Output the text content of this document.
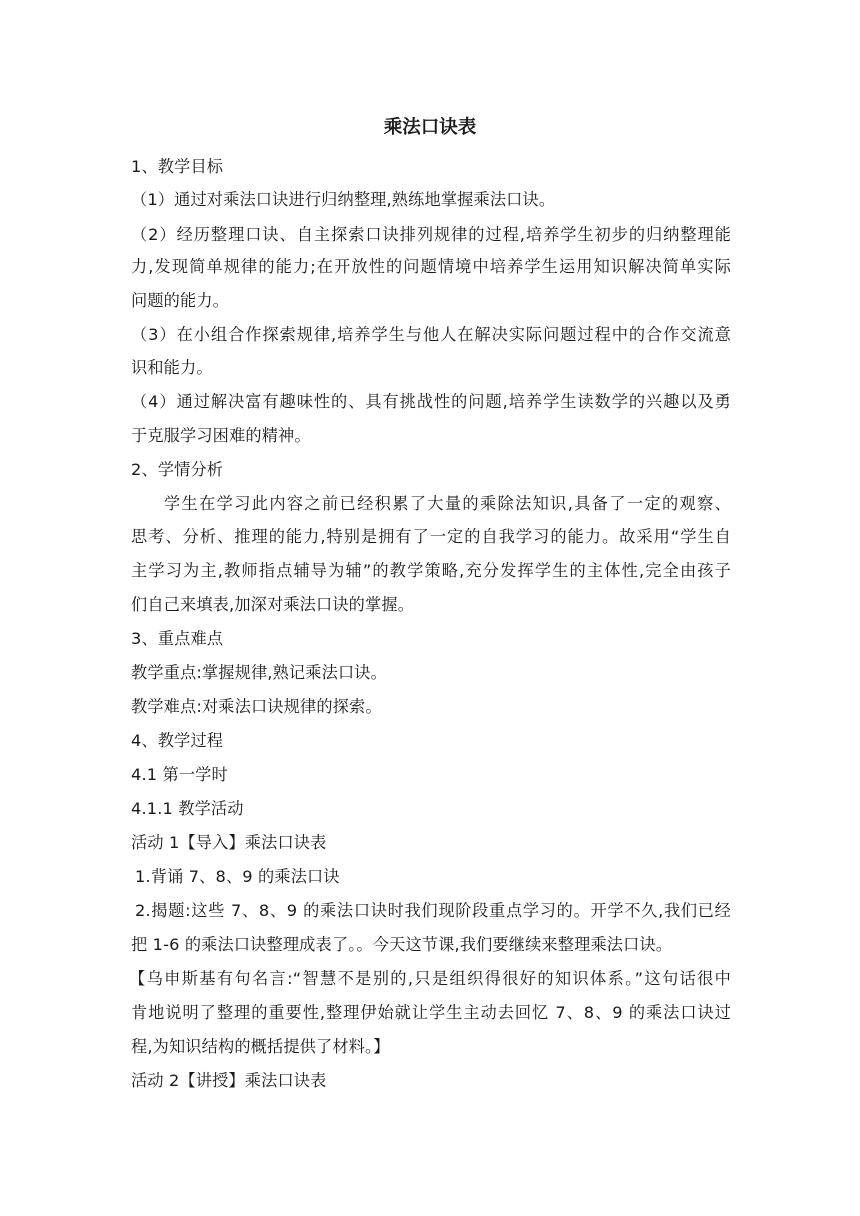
乘法口诀表
1、教学目标
（1）通过对乘法口诀进行归纳整理,熟练地掌握乘法口诀。
（2）经历整理口诀、自主探索口诀排列规律的过程,培养学生初步的归纳整理能
力,发现简单规律的能力;在开放性的问题情境中培养学生运用知识解决简单实际
问题的能力。
（3）在小组合作探索规律,培养学生与他人在解决实际问题过程中的合作交流意
识和能力。
（4）通过解决富有趣味性的、具有挑战性的问题,培养学生读数学的兴趣以及勇
于克服学习困难的精神。
2、学情分析
学生在学习此内容之前已经积累了大量的乘除法知识,具备了一定的观察、
思考、分析、推理的能力,特别是拥有了一定的自我学习的能力。故采用“学生自
主学习为主,教师指点辅导为辅”的教学策略,充分发挥学生的主体性,完全由孩子
们自己来填表,加深对乘法口诀的掌握。
3、重点难点
教学重点:掌握规律,熟记乘法口诀。
教学难点:对乘法口诀规律的探索。
4、教学过程
4.1 第一学时
4.1.1 教学活动
活动 1【导入】乘法口诀表
1.背诵 7、8、9 的乘法口诀
2.揭题:这些 7、8、9 的乘法口诀时我们现阶段重点学习的。开学不久,我们已经
把 1-6 的乘法口诀整理成表了。。今天这节课,我们要继续来整理乘法口诀。
【乌申斯基有句名言:“智慧不是别的,只是组织得很好的知识体系。”这句话很中
肯地说明了整理的重要性,整理伊始就让学生主动去回忆 7、8、9 的乘法口诀过
程,为知识结构的概括提供了材料。】
活动 2【讲授】乘法口诀表
